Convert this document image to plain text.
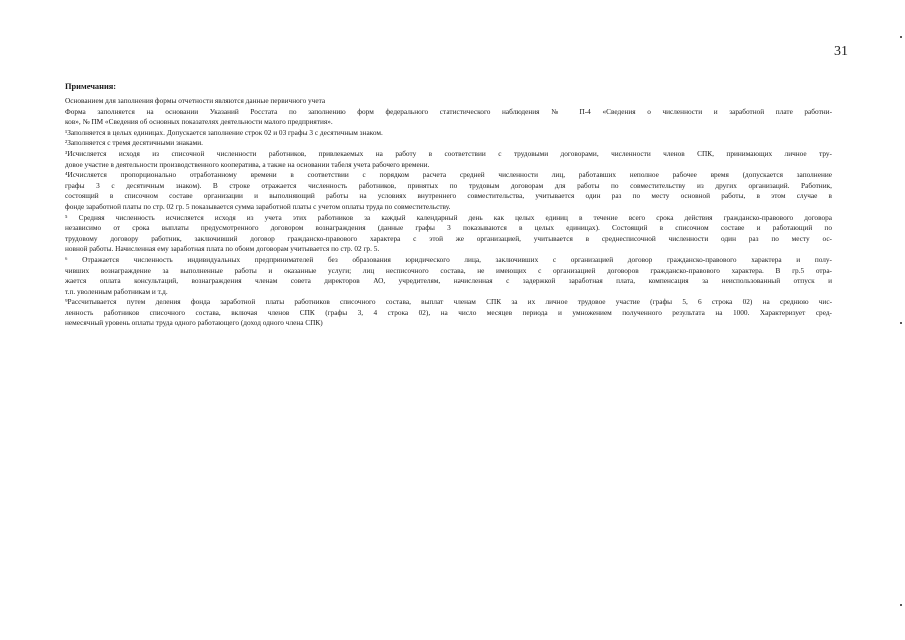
31
Примечания:
Основанием для заполнения формы отчетности являются данные первичного учета
Форма заполняется на основании Указаний Росстата по заполнению форм федерального статистического наблюдения № П-4 «Сведения о численности и заработной плате работни-
ков», № ПМ «Сведения об основных показателях деятельности малого предприятия».
¹Заполняется в целых единицах. Допускается заполнение строк 02 и 03 графы 3 с десятичным знаком.
²Заполняется с тремя десятичными знаками.
³Исчисляется исходя из списочной численности работников, привлекаемых на работу в соответствии с трудовыми договорами, численности членов СПК, принимающих личное тру-
довое участие в деятельности производственного кооператива, а также на основании табеля учета рабочего времени.
⁴Исчисляется пропорционально отработанному времени в соответствии с порядком расчета средней численности лиц, работавших неполное рабочее время (допускается заполнение
графы 3 с десятичным знаком). В строке отражается численность работников, принятых по трудовым договорам для работы по совместительству из других организаций. Работник,
состоящий в списочном составе организации и выполняющий работы на условиях внутреннего совместительства, учитывается один раз по месту основной работы, в этом случае в
фонде заработной платы по стр. 02 гр. 5 показывается сумма заработной платы с учетом оплаты труда по совместительству.
⁵ Средняя численность исчисляется исходя из учета этих работников за каждый календарный день как целых единиц в течение всего срока действия гражданско-правового договора
независимо от срока выплаты предусмотренного договором вознаграждения (данные графы 3 показываются в целых единицах). Состоящий в списочном составе и работающий по
трудовому договору работник, заключивший договор гражданско-правового характера с этой же организацией, учитывается в среднесписочной численности один раз по месту ос-
новной работы. Начисленная ему заработная плата по обоим договорам учитывается по стр. 02 гр. 5.
⁶ Отражается численность индивидуальных предпринимателей без образования юридического лица, заключивших с организацией договор гражданско-правового характера и полу-
чивших вознаграждение за выполненные работы и оказанные услуги; лиц несписочного состава, не имеющих с организацией договоров гражданско-правового характера. В гр.5 отра-
жается оплата консультаций, вознаграждения членам совета директоров АО, учредителям, начисленная с задержкой заработная плата, компенсация за неиспользованный отпуск и
т.п. уволенным работникам и т.д.
⁹Рассчитывается путем деления фонда заработной платы работников списочного состава, выплат членам СПК за их личное трудовое участие (графы 5, 6 строка 02) на среднюю чис-
ленность работников списочного состава, включая членов СПК (графы 3, 4 строка 02), на число месяцев периода и умножением полученного результата на 1000. Характеризует сред-
немесячный уровень оплаты труда одного работающего (доход одного члена СПК)
